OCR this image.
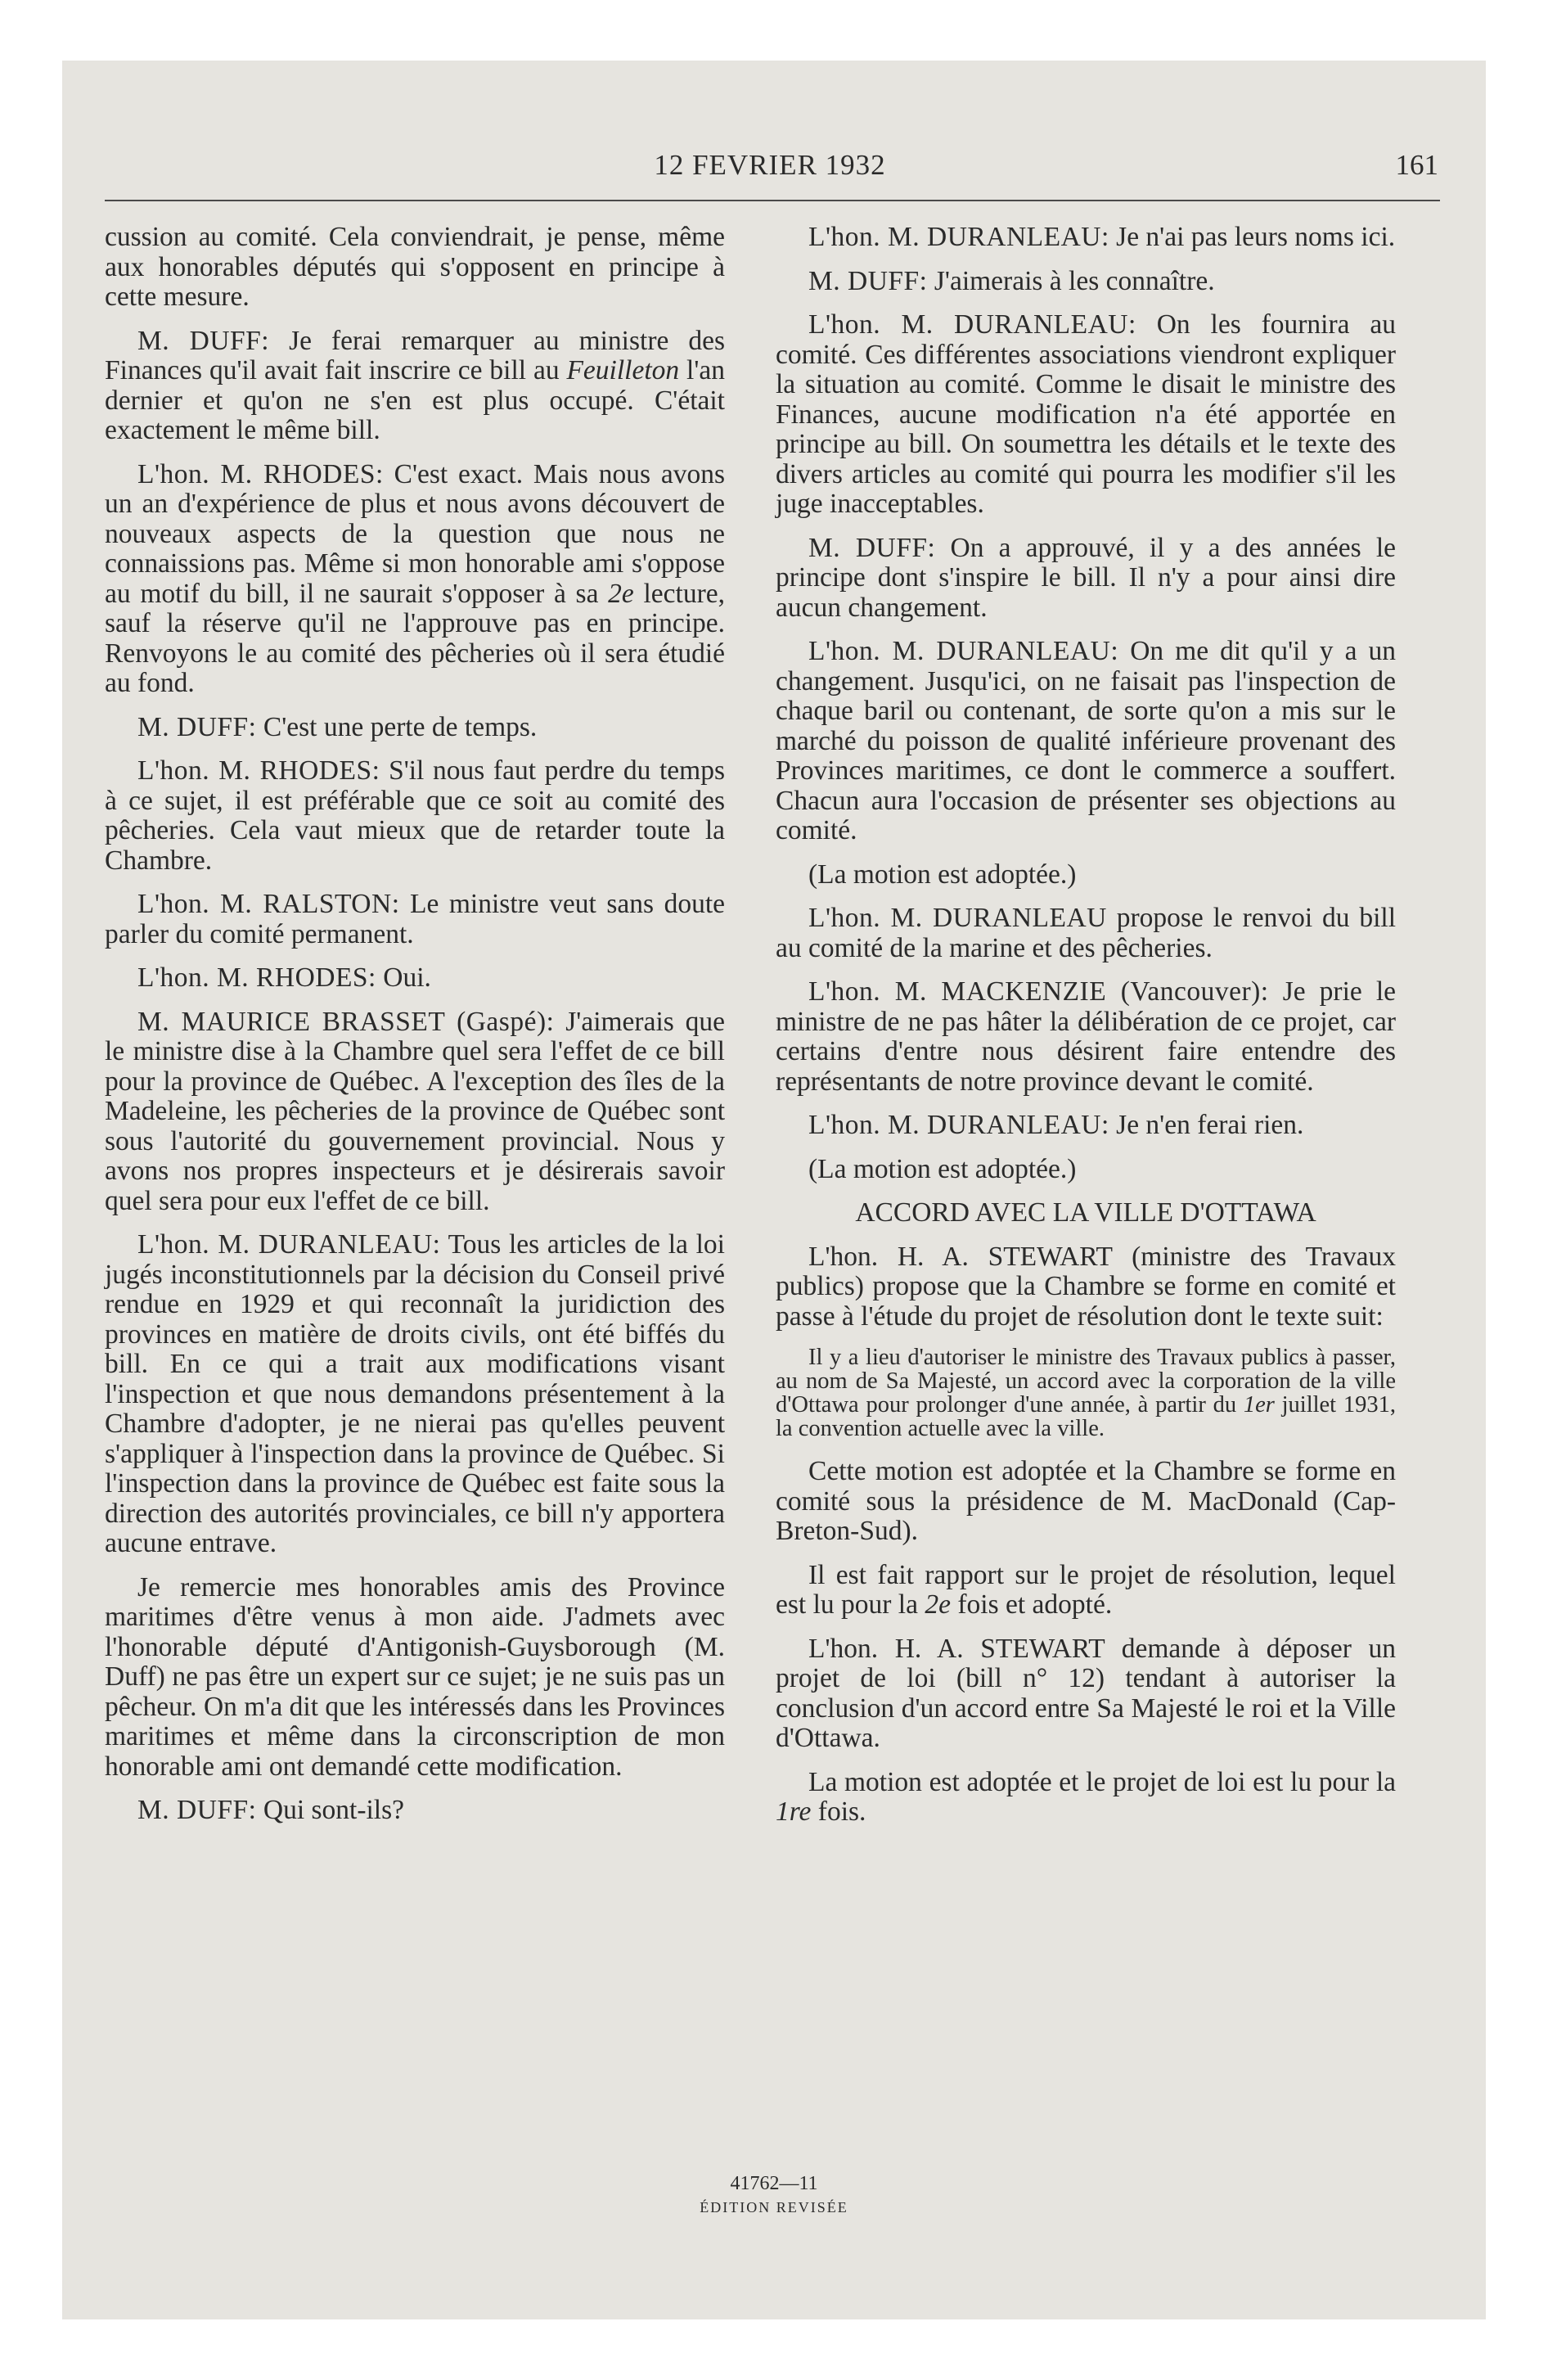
12 FEVRIER 1932	161

cussion au comité. Cela conviendrait, je pense, même aux honorables députés qui s'opposent en principe à cette mesure.

M. DUFF: Je ferai remarquer au ministre des Finances qu'il avait fait inscrire ce bill au Feuilleton l'an dernier et qu'on ne s'en est plus occupé. C'était exactement le même bill.

L'hon. M. RHODES: C'est exact. Mais nous avons un an d'expérience de plus et nous avons découvert de nouveaux aspects de la question que nous ne connaissions pas. Même si mon honorable ami s'oppose au motif du bill, il ne saurait s'opposer à sa 2e lecture, sauf la réserve qu'il ne l'approuve pas en principe. Renvoyons le au comité des pêcheries où il sera étudié au fond.

M. DUFF: C'est une perte de temps.

L'hon. M. RHODES: S'il nous faut perdre du temps à ce sujet, il est préférable que ce soit au comité des pêcheries. Cela vaut mieux que de retarder toute la Chambre.

L'hon. M. RALSTON: Le ministre veut sans doute parler du comité permanent.

L'hon. M. RHODES: Oui.

M. MAURICE BRASSET (Gaspé): J'aimerais que le ministre dise à la Chambre quel sera l'effet de ce bill pour la province de Québec. A l'exception des îles de la Madeleine, les pêcheries de la province de Québec sont sous l'autorité du gouvernement provincial. Nous y avons nos propres inspecteurs et je désirerais savoir quel sera pour eux l'effet de ce bill.

L'hon. M. DURANLEAU: Tous les articles de la loi jugés inconstitutionnels par la décision du Conseil privé rendue en 1929 et qui reconnaît la juridiction des provinces en matière de droits civils, ont été biffés du bill. En ce qui a trait aux modifications visant l'inspection et que nous demandons présentement à la Chambre d'adopter, je ne nierai pas qu'elles peuvent s'appliquer à l'inspection dans la province de Québec. Si l'inspection dans la province de Québec est faite sous la direction des autorités provinciales, ce bill n'y apportera aucune entrave.

Je remercie mes honorables amis des Province maritimes d'être venus à mon aide. J'admets avec l'honorable député d'Antigonish-Guysborough (M. Duff) ne pas être un expert sur ce sujet; je ne suis pas un pêcheur. On m'a dit que les intéressés dans les Provinces maritimes et même dans la circonscription de mon honorable ami ont demandé cette modification.

M. DUFF: Qui sont-ils?

L'hon. M. DURANLEAU: Je n'ai pas leurs noms ici.

M. DUFF: J'aimerais à les connaître.

L'hon. M. DURANLEAU: On les fournira au comité. Ces différentes associations viendront expliquer la situation au comité. Comme le disait le ministre des Finances, aucune modification n'a été apportée en principe au bill. On soumettra les détails et le texte des divers articles au comité qui pourra les modifier s'il les juge inacceptables.

M. DUFF: On a approuvé, il y a des années le principe dont s'inspire le bill. Il n'y a pour ainsi dire aucun changement.

L'hon. M. DURANLEAU: On me dit qu'il y a un changement. Jusqu'ici, on ne faisait pas l'inspection de chaque baril ou contenant, de sorte qu'on a mis sur le marché du poisson de qualité inférieure provenant des Provinces maritimes, ce dont le commerce a souffert. Chacun aura l'occasion de présenter ses objections au comité.

(La motion est adoptée.)

L'hon. M. DURANLEAU propose le renvoi du bill au comité de la marine et des pêcheries.

L'hon. M. MACKENZIE (Vancouver): Je prie le ministre de ne pas hâter la délibération de ce projet, car certains d'entre nous désirent faire entendre des représentants de notre province devant le comité.

L'hon. M. DURANLEAU: Je n'en ferai rien.

(La motion est adoptée.)

ACCORD AVEC LA VILLE D'OTTAWA

L'hon. H. A. STEWART (ministre des Travaux publics) propose que la Chambre se forme en comité et passe à l'étude du projet de résolution dont le texte suit:

Il y a lieu d'autoriser le ministre des Travaux publics à passer, au nom de Sa Majesté, un accord avec la corporation de la ville d'Ottawa pour prolonger d'une année, à partir du 1er juillet 1931, la convention actuelle avec la ville.

Cette motion est adoptée et la Chambre se forme en comité sous la présidence de M. MacDonald (Cap-Breton-Sud).

Il est fait rapport sur le projet de résolution, lequel est lu pour la 2e fois et adopté.

L'hon. H. A. STEWART demande à déposer un projet de loi (bill n° 12) tendant à autoriser la conclusion d'un accord entre Sa Majesté le roi et la Ville d'Ottawa.

La motion est adoptée et le projet de loi est lu pour la 1re fois.

41762—11
ÉDITION REVISÉE
